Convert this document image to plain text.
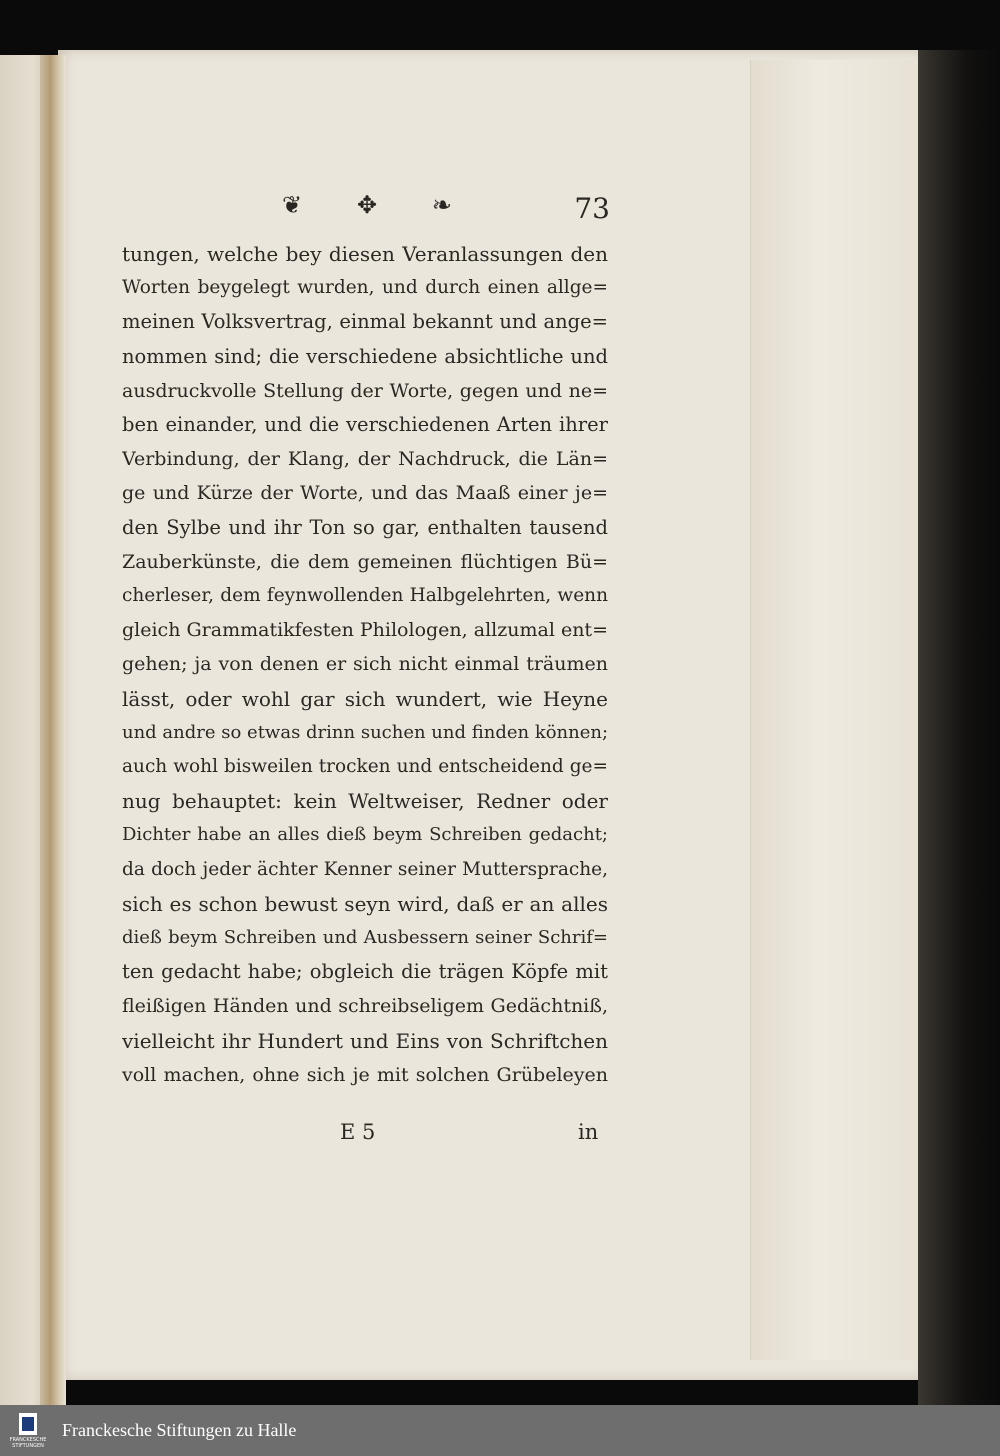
❦ ✥ ❧	73
tungen, welche bey diesen Veranlassungen den
Worten beygelegt wurden, und durch einen allge=
meinen Volksvertrag, einmal bekannt und ange=
nommen sind; die verschiedene absichtliche und
ausdruckvolle Stellung der Worte, gegen und ne=
ben einander, und die verschiedenen Arten ihrer
Verbindung, der Klang, der Nachdruck, die Län=
ge und Kürze der Worte, und das Maaß einer je=
den Sylbe und ihr Ton so gar, enthalten tausend
Zauberkünste, die dem gemeinen flüchtigen Bü=
cherleser, dem feynwollenden Halbgelehrten, wenn
gleich Grammatikfesten Philologen, allzumal ent=
gehen; ja von denen er sich nicht einmal träumen
lässt, oder wohl gar sich wundert, wie Heyne
und andre so etwas drinn suchen und finden können;
auch wohl bisweilen trocken und entscheidend ge=
nug behauptet: kein Weltweiser, Redner oder
Dichter habe an alles dieß beym Schreiben gedacht;
da doch jeder ächter Kenner seiner Muttersprache,
sich es schon bewust seyn wird, daß er an alles
dieß beym Schreiben und Ausbessern seiner Schrif=
ten gedacht habe; obgleich die trägen Köpfe mit
fleißigen Händen und schreibseligem Gedächtniß,
vielleicht ihr Hundert und Eins von Schriftchen
voll machen, ohne sich je mit solchen Grübeleyen
E 5	in
FRANCKESCHE STIFTUNGEN
Franckesche Stiftungen zu Halle
